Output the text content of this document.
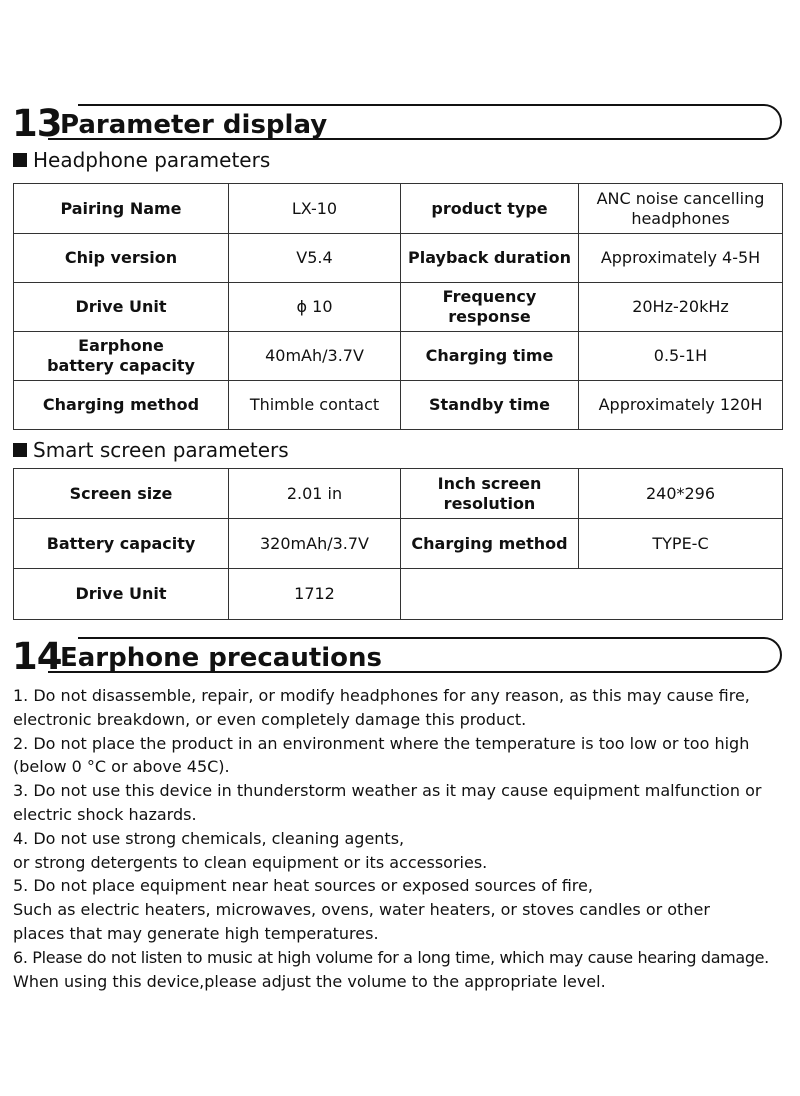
13
Parameter display
Headphone parameters
Pairing Name	LX-10	product type	ANC noise cancelling headphones
Chip version	V5.4	Playback duration	Approximately 4-5H
Drive Unit	ϕ 10	Frequency response	20Hz-20kHz
Earphone battery capacity	40mAh/3.7V	Charging time	0.5-1H
Charging method	Thimble contact	Standby time	Approximately 120H
Smart screen parameters
Screen size	2.01 in	Inch screen resolution	240*296
Battery capacity	320mAh/3.7V	Charging method	TYPE-C
Drive Unit	1712		
14
Earphone precautions
1. Do not disassemble, repair, or modify headphones for any reason, as this may cause fire,
electronic breakdown, or even completely damage this product.
2. Do not place the product in an environment where the temperature is too low or too high
(below 0 °C or above 45C).
3. Do not use this device in thunderstorm weather as it may cause equipment malfunction or
electric shock hazards.
4. Do not use strong chemicals, cleaning agents,
or strong detergents to clean equipment or its accessories.
5. Do not place equipment near heat sources or exposed sources of fire,
Such as electric heaters, microwaves, ovens, water heaters, or stoves candles or other
places that may generate high temperatures.
6. Please do not listen to music at high volume for a long time, which may cause hearing damage.
When using this device,please adjust the volume to the appropriate level.
